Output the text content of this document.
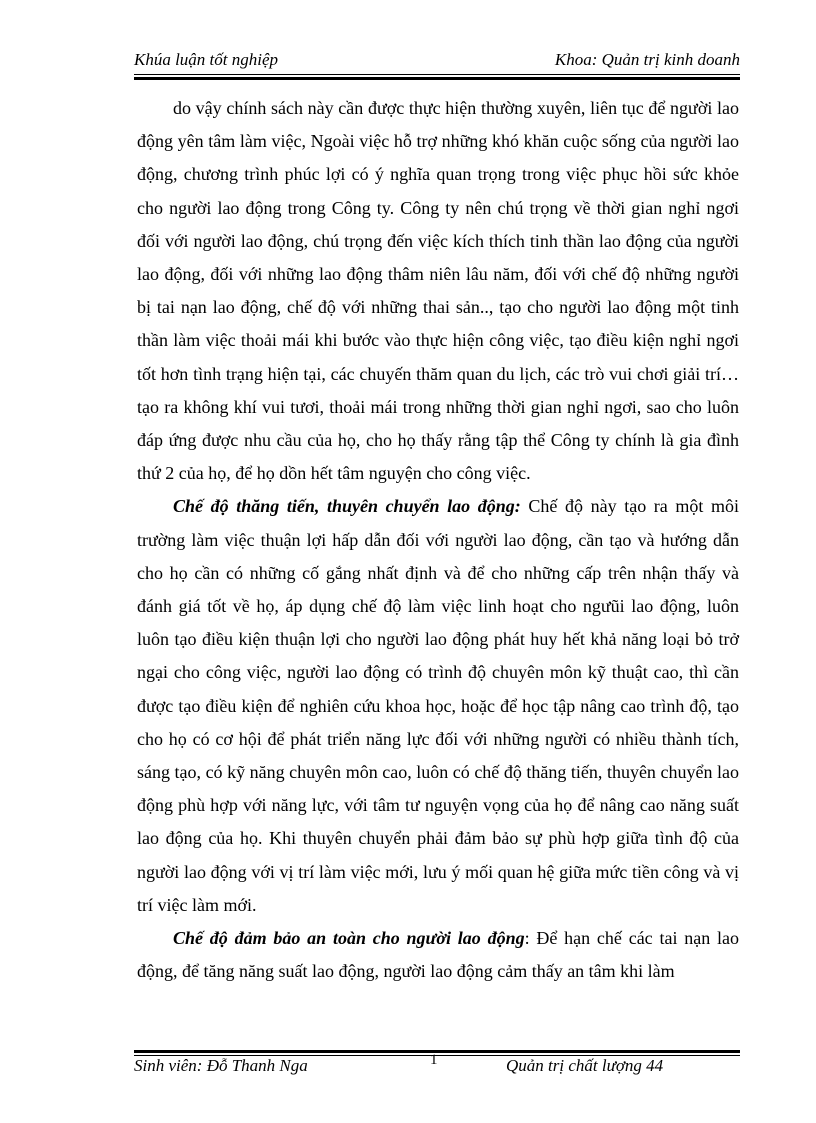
Khúa luận tốt nghiệp	Khoa: Quản trị kinh doanh

do vậy chính sách này cần được thực hiện thường xuyên, liên tục để người lao động yên tâm làm việc, Ngoài việc hỗ trợ những khó khăn cuộc sống của người lao động, chương trình phúc lợi có ý nghĩa quan trọng trong việc phục hồi sức khỏe cho người lao động trong Công ty. Công ty nên chú trọng về thời gian nghỉ ngơi đối với người lao động, chú trọng đến việc kích thích tinh thần lao động của người lao động, đối với những lao động thâm niên lâu năm, đối với chế độ những người bị tai nạn lao động, chế độ với những thai sản.., tạo cho người lao động một tinh thần làm việc thoải mái khi bước vào thực hiện công việc, tạo điều kiện nghỉ ngơi tốt hơn tình trạng hiện tại, các chuyến thăm quan du lịch, các trò vui chơi giải trí… tạo ra không khí vui tươi, thoải mái trong những thời gian nghỉ ngơi, sao cho luôn đáp ứng được nhu cầu của họ, cho họ thấy rằng tập thể Công ty chính là gia đình thứ 2 của họ, để họ dồn hết tâm nguyện cho công việc.

Chế độ thăng tiến, thuyên chuyển lao động: Chế độ này tạo ra một môi trường làm việc thuận lợi hấp dẫn đối với người lao động, cần tạo và hướng dẫn cho họ cần có những cố gắng nhất định và để cho những cấp trên nhận thấy và đánh giá tốt về họ, áp dụng chế độ làm việc linh hoạt cho ngưũi lao động, luôn luôn tạo điều kiện thuận lợi cho người lao động phát huy hết khả năng loại bỏ trở ngại cho công việc, người lao động có trình độ chuyên môn kỹ thuật cao, thì cần được tạo điều kiện để nghiên cứu khoa học, hoặc để học tập nâng cao trình độ, tạo cho họ có cơ hội để phát triển năng lực đối với những người có nhiều thành tích, sáng tạo, có kỹ năng chuyên môn cao, luôn có chế độ thăng tiến, thuyên chuyển lao động phù hợp với năng lực, với tâm tư nguyện vọng của họ để nâng cao năng suất lao động của họ. Khi thuyên chuyển phải đảm bảo sự phù hợp giữa tình độ của người lao động với vị trí làm việc mới, lưu ý mối quan hệ giữa mức tiền công và vị trí việc làm mới.

Chế độ đảm bảo an toàn cho người lao động: Để hạn chế các tai nạn lao động, để tăng năng suất lao động, người lao động cảm thấy an tâm khi làm

Sinh viên: Đỗ Thanh Nga	1	Quản trị chất lượng 44
